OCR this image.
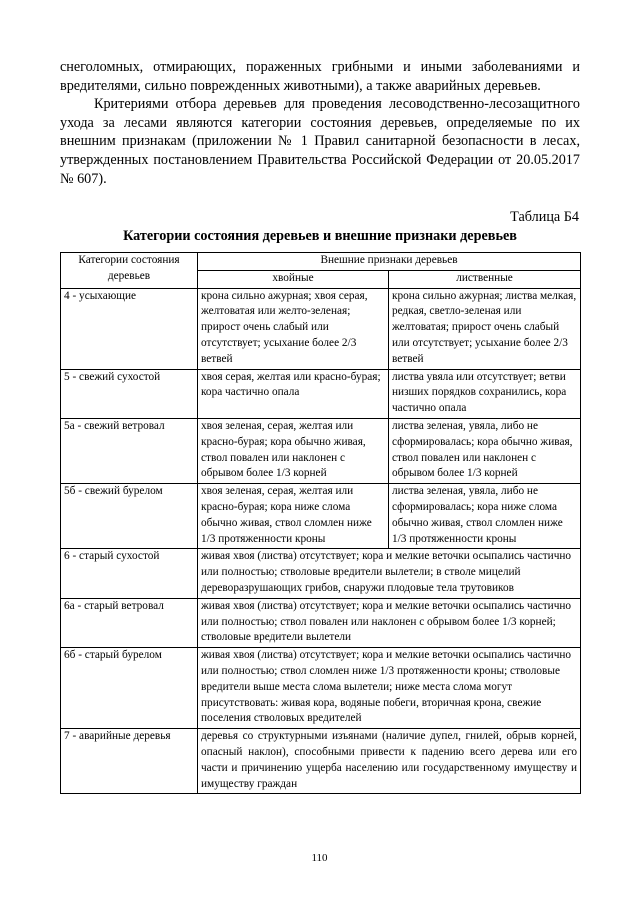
снеголомных, отмирающих, пораженных грибными и иными заболеваниями и вредителями, сильно поврежденных животными), а также аварийных деревьев.

Критериями отбора деревьев для проведения лесоводственно-лесозащитного ухода за лесами являются категории состояния деревьев, определяемые по их внешним признакам (приложении № 1 Правил санитарной безопасности в лесах, утвержденных постановлением Правительства Российской Федерации от 20.05.2017 № 607).

Таблица Б4
Категории состояния деревьев и внешние признаки деревьев
Категории состояния деревьев	Внешние признаки деревьев	
	хвойные	лиственные
4 - усыхающие	крона сильно ажурная; хвоя серая, желтоватая или желто-зеленая; прирост очень слабый или отсутствует; усыхание более 2/3 ветвей	крона сильно ажурная; листва мелкая, редкая, светло-зеленая или желтоватая; прирост очень слабый или отсутствует; усыхание более 2/3 ветвей
5 - свежий сухостой	хвоя серая, желтая или красно-бурая; кора частично опала	листва увяла или отсутствует; ветви низших порядков сохранились, кора частично опала
5а - свежий ветровал	хвоя зеленая, серая, желтая или красно-бурая; кора обычно живая, ствол повален или наклонен с обрывом более 1/3 корней	листва зеленая, увяла, либо не сформировалась; кора обычно живая, ствол повален или наклонен с обрывом более 1/3 корней
5б - свежий бурелом	хвоя зеленая, серая, желтая или красно-бурая; кора ниже слома обычно живая, ствол сломлен ниже 1/3 протяженности кроны	листва зеленая, увяла, либо не сформировалась; кора ниже слома обычно живая, ствол сломлен ниже 1/3 протяженности кроны
6 - старый сухостой	живая хвоя (листва) отсутствует; кора и мелкие веточки осыпались частично или полностью; стволовые вредители вылетели; в стволе мицелий дереворазрушающих грибов, снаружи плодовые тела трутовиков	
6а - старый ветровал	живая хвоя (листва) отсутствует; кора и мелкие веточки осыпались частично или полностью; ствол повален или наклонен с обрывом более 1/3 корней; стволовые вредители вылетели	
6б - старый бурелом	живая хвоя (листва) отсутствует; кора и мелкие веточки осыпались частично или полностью; ствол сломлен ниже 1/3 протяженности кроны; стволовые вредители выше места слома вылетели; ниже места слома могут присутствовать: живая кора, водяные побеги, вторичная крона, свежие поселения стволовых вредителей	
7 - аварийные деревья	деревья со структурными изъянами (наличие дупел, гнилей, обрыв корней, опасный наклон), способными привести к падению всего дерева или его части и причинению ущерба населению или государственному имуществу и имуществу граждан	
110
